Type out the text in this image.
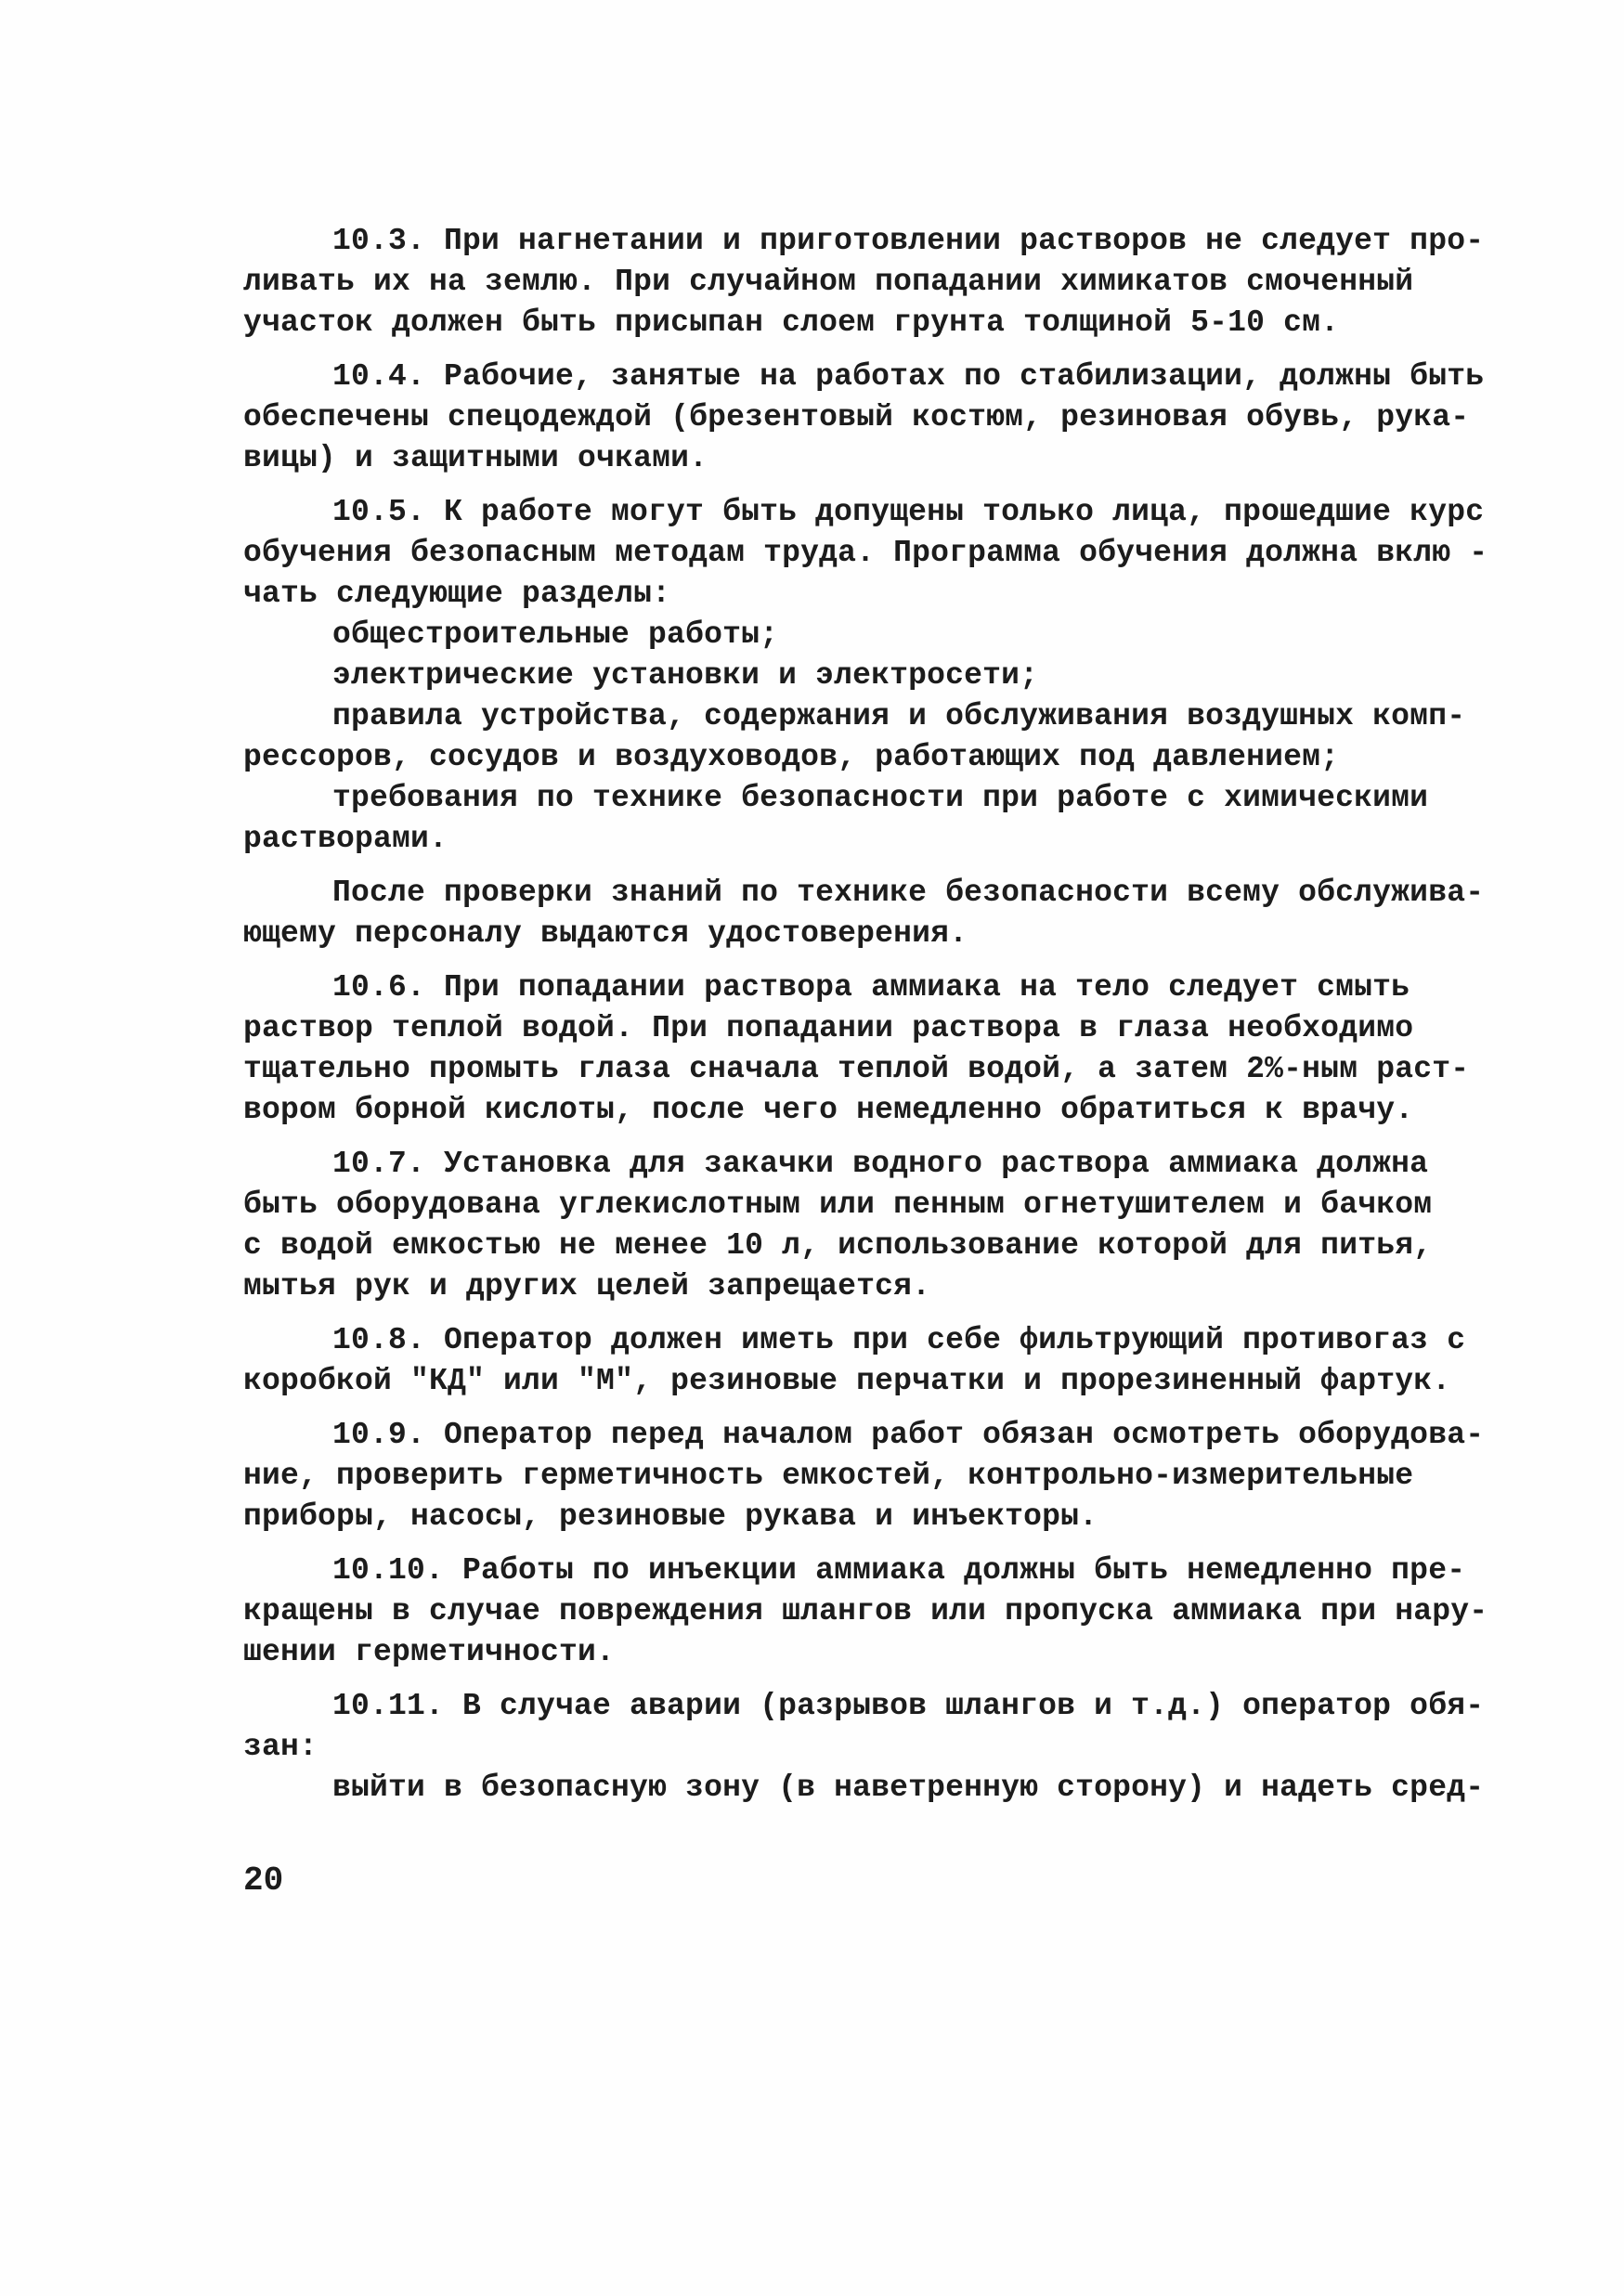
10.3. При нагнетании и приготовлении растворов не следует про-
ливать их на землю. При случайном попадании химикатов смоченный
участок должен быть присыпан слоем грунта толщиной 5-10 см.
10.4. Рабочие, занятые на работах по стабилизации, должны быть
обеспечены спецодеждой (брезентовый костюм, резиновая обувь, рука-
вицы) и защитными очками.
10.5. К работе могут быть допущены только лица, прошедшие курс
обучения безопасным методам труда. Программа обучения должна вклю -
чать следующие разделы:
общестроительные работы;
электрические установки и электросети;
правила устройства, содержания и обслуживания воздушных комп-
рессоров, сосудов и воздуховодов, работающих под давлением;
требования по технике безопасности при работе с химическими
растворами.
После проверки знаний по технике безопасности всему обслужива-
ющему персоналу выдаются удостоверения.
10.6. При попадании раствора аммиака на тело следует смыть
раствор теплой водой. При попадании раствора в глаза необходимо
тщательно промыть глаза сначала теплой водой, а затем 2%-ным раст-
вором борной кислоты, после чего немедленно обратиться к врачу.
10.7. Установка для закачки водного раствора аммиака должна
быть оборудована углекислотным или пенным огнетушителем и бачком
с водой емкостью не менее 10 л, использование которой для питья,
мытья рук и других целей запрещается.
10.8. Оператор должен иметь при себе фильтрующий противогаз с
коробкой "КД" или "М", резиновые перчатки и прорезиненный фартук.
10.9. Оператор перед началом работ обязан осмотреть оборудова-
ние, проверить герметичность емкостей, контрольно-измерительные
приборы, насосы, резиновые рукава и инъекторы.
10.10. Работы по инъекции аммиака должны быть немедленно пре-
кращены в случае повреждения шлангов или пропуска аммиака при нару-
шении герметичности.
10.11. В случае аварии (разрывов шлангов и т.д.) оператор обя-
зан:
выйти в безопасную зону (в наветренную сторону) и надеть сред-
20
